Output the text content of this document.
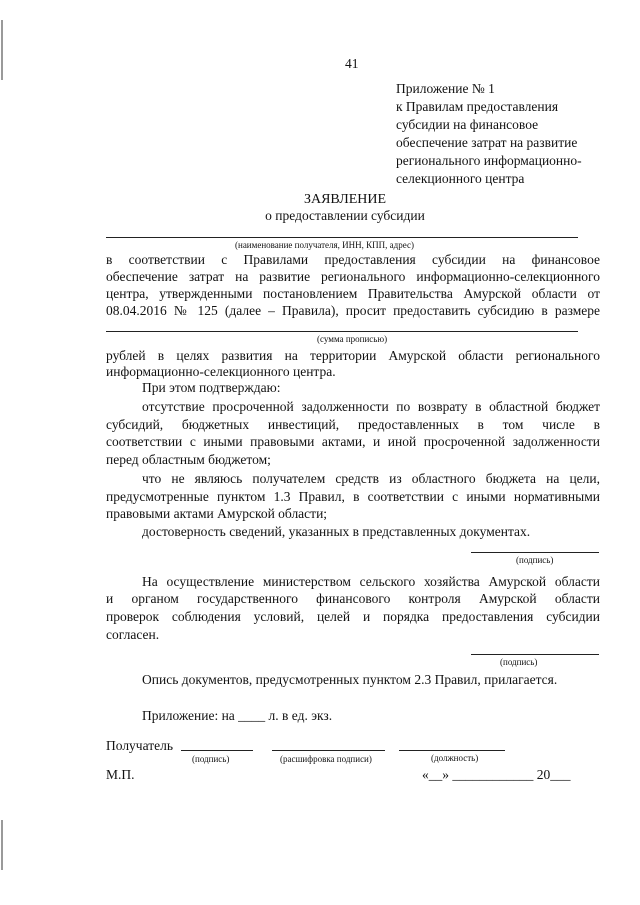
41
Приложение № 1
к Правилам предоставления
субсидии на финансовое
обеспечение затрат на развитие
регионального информационно-
селекционного центра
ЗАЯВЛЕНИЕ
о предоставлении субсидии
(наименование получателя, ИНН, КПП, адрес)
в соответствии с Правилами предоставления субсидии на финансовое
обеспечение затрат на развитие регионального информационно-селекционного
центра, утвержденными постановлением Правительства Амурской области от
08.04.2016 № 125 (далее – Правила), просит предоставить субсидию в размере
(сумма прописью)
рублей в целях развития на территории Амурской области регионального
информационно-селекционного центра.
При этом подтверждаю:
отсутствие просроченной задолженности по возврату в областной бюджет
субсидий, бюджетных инвестиций, предоставленных в том числе в
соответствии с иными правовыми актами, и иной просроченной задолженности
перед областным бюджетом;
что не являюсь получателем средств из областного бюджета на цели,
предусмотренные пунктом 1.3 Правил, в соответствии с иными нормативными
правовыми актами Амурской области;
достоверность сведений, указанных в представленных документах.
(подпись)
На осуществление министерством сельского хозяйства Амурской области
и органом государственного финансового контроля Амурской области
проверок соблюдения условий, целей и порядка предоставления субсидии
согласен.
(подпись)
Опись документов, предусмотренных пунктом 2.3 Правил, прилагается.
Приложение: на ____ л. в ед. экз.
Получатель
(подпись)	(расшифровка подписи)	(должность)
М.П.	«__» ____________ 20___
